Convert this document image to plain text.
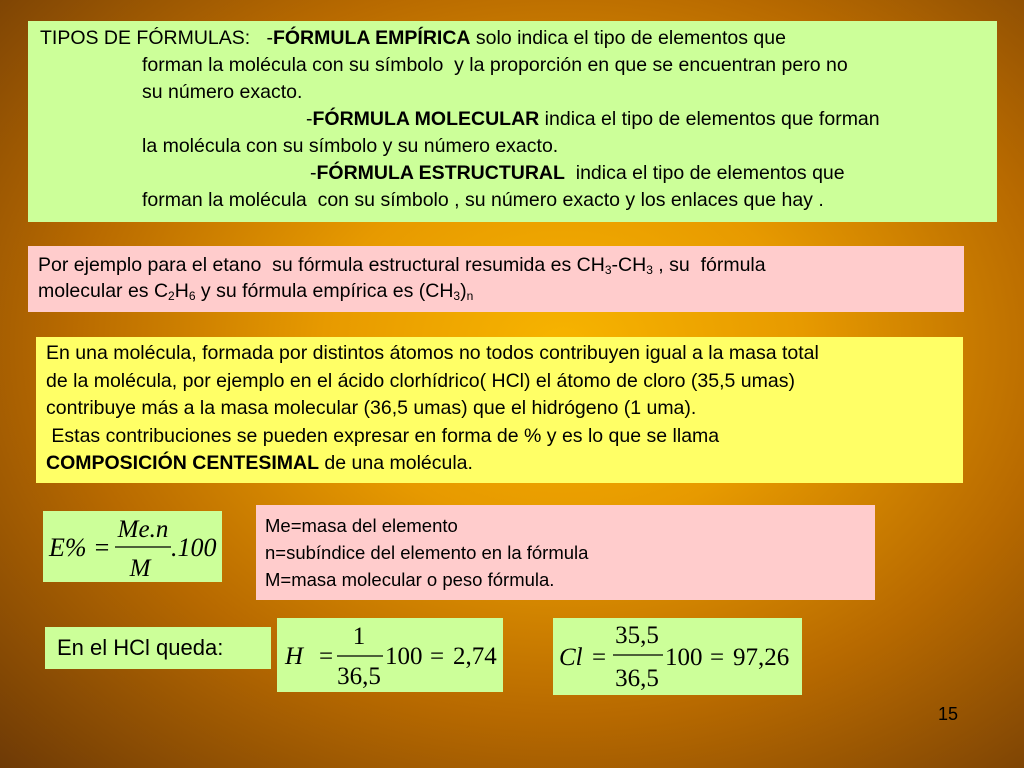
TIPOS DE FÓRMULAS: -FÓRMULA EMPÍRICA solo indica el tipo de elementos que
forman la molécula con su símbolo  y la proporción en que se encuentran pero no
su número exacto.
-FÓRMULA MOLECULAR indica el tipo de elementos que forman
la molécula con su símbolo y su número exacto.
-FÓRMULA ESTRUCTURAL  indica el tipo de elementos que
forman la molécula  con su símbolo , su número exacto y los enlaces que hay .
Por ejemplo para el etano  su fórmula estructural resumida es $CH_3-CH_3$ , su  fórmula
molecular es $C_2H_6$ y su fórmula empírica es $(CH_3)_n$
En una molécula, formada por distintos átomos no todos contribuyen igual a la masa total
de la molécula, por ejemplo en el ácido clorhídrico( HCl) el átomo de cloro (35,5 umas)
contribuye más a la masa molecular (36,5 umas) que el hidrógeno (1 uma).
Estas contribuciones se pueden expresar en forma de % y es lo que se llama
COMPOSICIÓN CENTESIMAL de una molécula.
E% =
Me.n
M
.100
Me=masa del elemento
n=subíndice del elemento en la fórmula
M=masa molecular o peso fórmula.
En el HCl queda:	H =
1
36,5
100 = 2,74 Cl =
35,5
36,5
100 = 97,26
15
